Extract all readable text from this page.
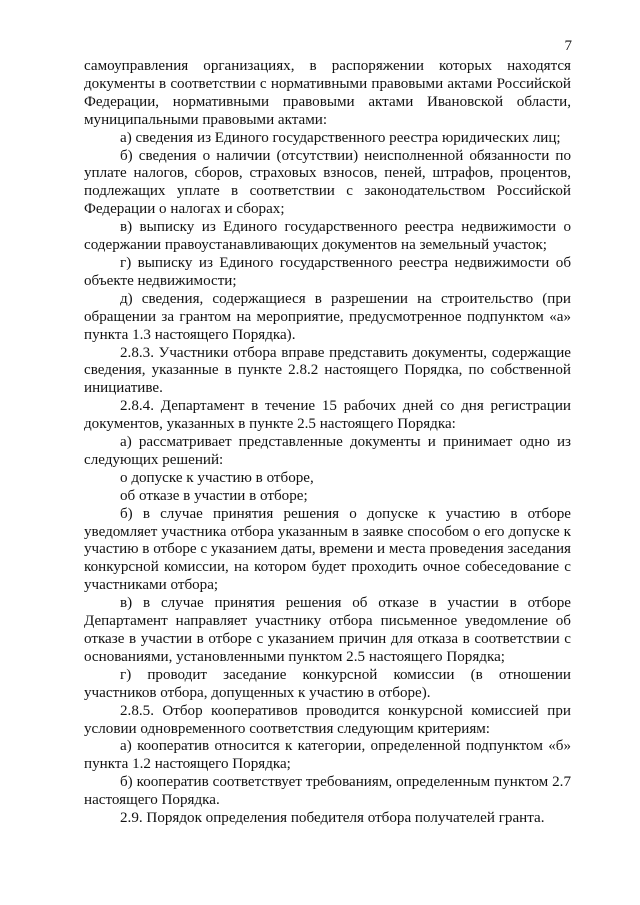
7

самоуправления организациях, в распоряжении которых находятся документы в соответствии с нормативными правовыми актами Российской Федерации, нормативными правовыми актами Ивановской области, муниципальными правовыми актами:

а) сведения из Единого государственного реестра юридических лиц;

б) сведения о наличии (отсутствии) неисполненной обязанности по уплате налогов, сборов, страховых взносов, пеней, штрафов, процентов, подлежащих уплате в соответствии с законодательством Российской Федерации о налогах и сборах;

в) выписку из Единого государственного реестра недвижимости о содержании правоустанавливающих документов на земельный участок;

г) выписку из Единого государственного реестра недвижимости об объекте недвижимости;

д) сведения, содержащиеся в разрешении на строительство (при обращении за грантом на мероприятие, предусмотренное подпунктом «а» пункта 1.3 настоящего Порядка).

2.8.3. Участники отбора вправе представить документы, содержащие сведения, указанные в пункте 2.8.2 настоящего Порядка, по собственной инициативе.

2.8.4. Департамент в течение 15 рабочих дней со дня регистрации документов, указанных в пункте 2.5 настоящего Порядка:

а) рассматривает представленные документы и принимает одно из следующих решений:

о допуске к участию в отборе,

об отказе в участии в отборе;

б) в случае принятия решения о допуске к участию в отборе уведомляет участника отбора указанным в заявке способом о его допуске к участию в отборе с указанием даты, времени и места проведения заседания конкурсной комиссии, на котором будет проходить очное собеседование с участниками отбора;

в) в случае принятия решения об отказе в участии в отборе Департамент направляет участнику отбора письменное уведомление об отказе в участии в отборе с указанием причин для отказа в соответствии с основаниями, установленными пунктом 2.5 настоящего Порядка;

г) проводит заседание конкурсной комиссии (в отношении участников отбора, допущенных к участию в отборе).

2.8.5. Отбор кооперативов проводится конкурсной комиссией при условии одновременного соответствия следующим критериям:

а) кооператив относится к категории, определенной подпунктом «б» пункта 1.2 настоящего Порядка;

б) кооператив соответствует требованиям, определенным пунктом 2.7 настоящего Порядка.

2.9. Порядок определения победителя отбора получателей гранта.
